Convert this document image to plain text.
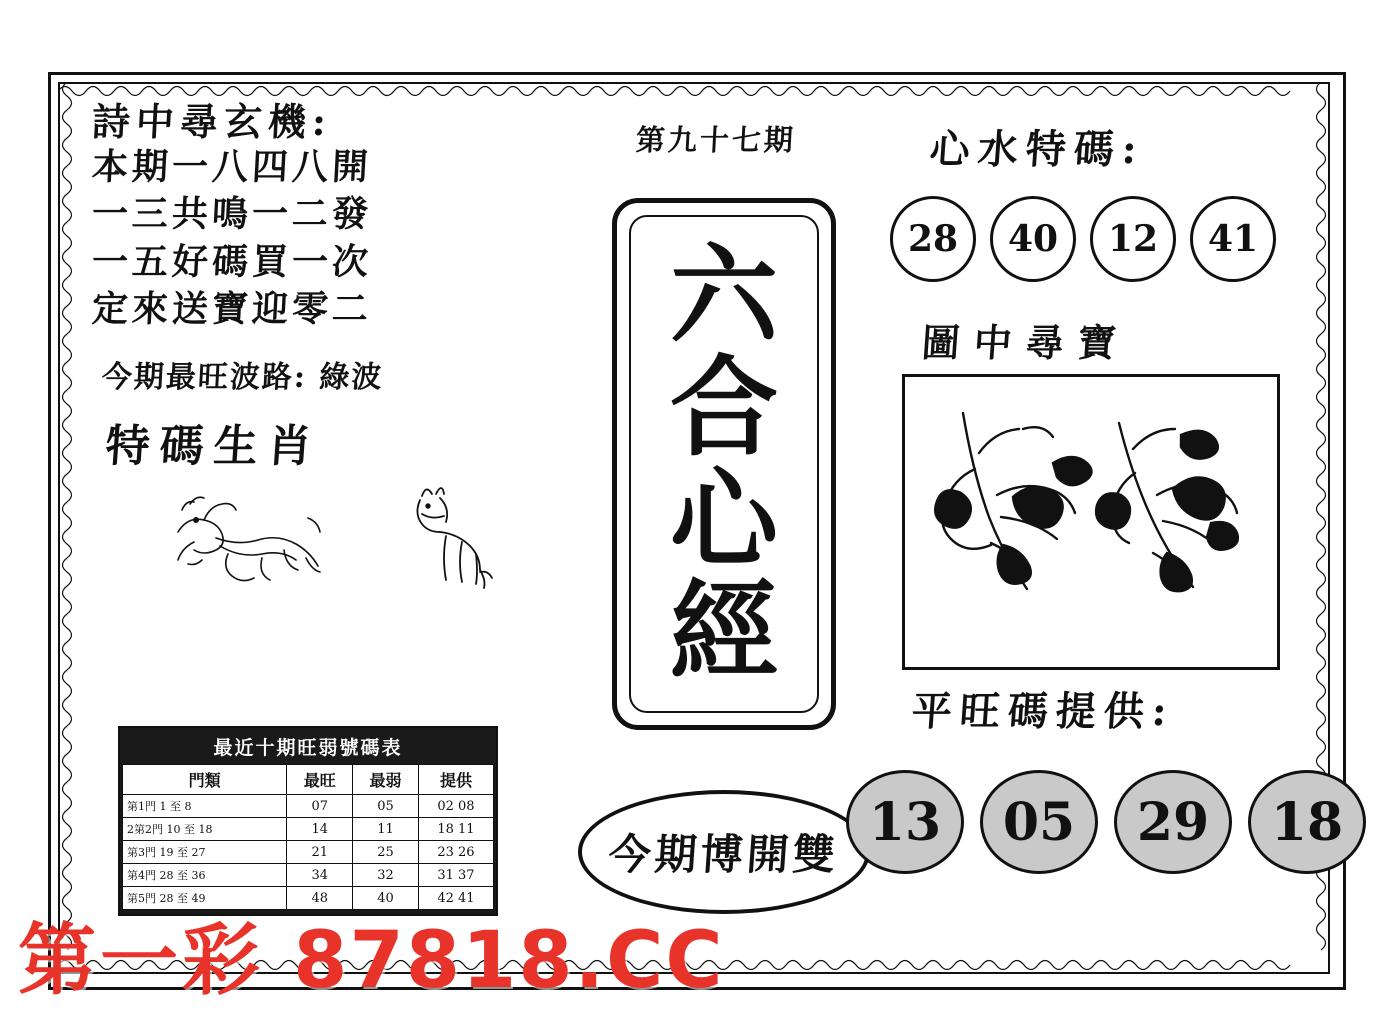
詩中尋玄機:
本期一八四八開
一三共鳴一二發
一五好碼買一次
定來送寶迎零二
今期最旺波路: 綠波
特碼生肖
最近十期旺弱號碼表
門類	最旺	最弱	提供
第1門 1 至 8	07	05	02 08
2第2門 10 至 18	14	11	18 11
第3門 19 至 27	21	25	23 26
第4門 28 至 36	34	32	31 37
第5門 28 至 49	48	40	42 41
第九十七期
六
合
心
經
今期博開雙
心水特碼:
28	40	12	41
圖中尋寶
平旺碼提供:
13	05	29	18
第一彩 87818.CC
